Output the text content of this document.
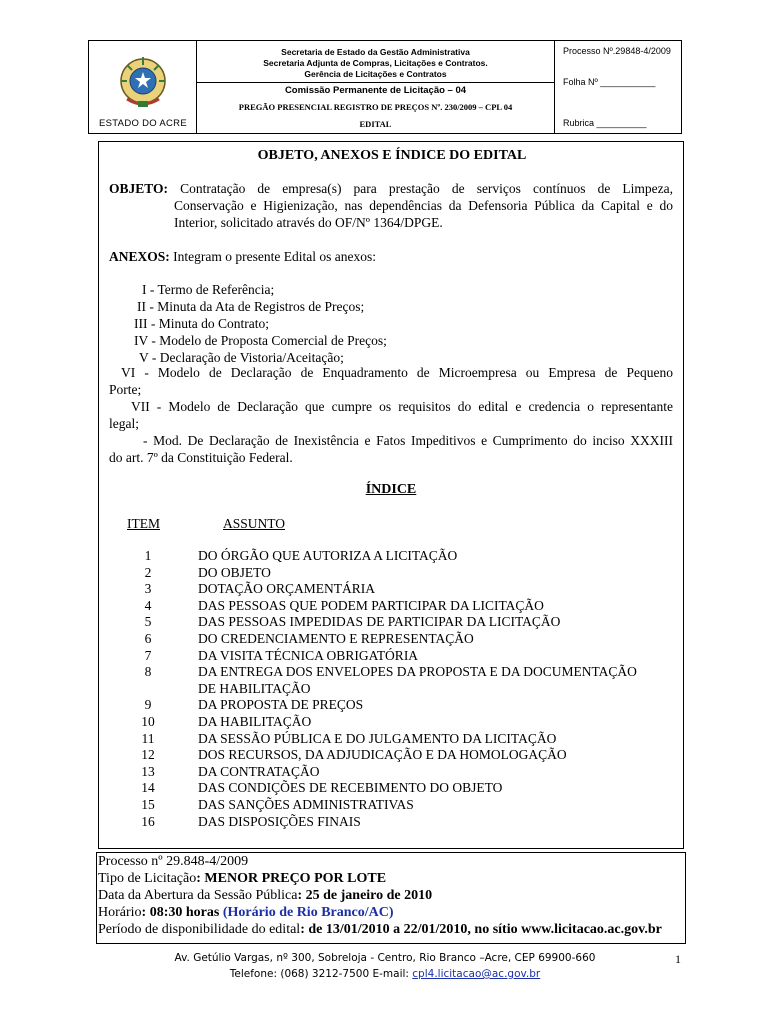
ESTADO DO ACRE
Secretaria de Estado da Gestão Administrativa
Secretaria Adjunta de Compras, Licitações e Contratos.
Gerência de Licitações e Contratos
Comissão Permanente de Licitação – 04
PREGÃO PRESENCIAL REGISTRO DE PREÇOS Nº. 230/2009 – CPL 04
EDITAL
Processo Nº.29848-4/2009
Folha Nº ___________
Rubrica __________
OBJETO, ANEXOS E ÍNDICE DO EDITAL
OBJETO: Contratação de empresa(s) para prestação de serviços contínuos de Limpeza,
Conservação e Higienização, nas dependências da Defensoria Pública da Capital e do
Interior, solicitado através do OF/Nº 1364/DPGE.
ANEXOS: Integram o presente Edital os anexos:
I - Termo de Referência;
II - Minuta da Ata de Registros de Preços;
III - Minuta do Contrato;
IV - Modelo de Proposta Comercial de Preços;
V - Declaração de Vistoria/Aceitação;
VI - Modelo de Declaração de Enquadramento de Microempresa ou Empresa de Pequeno
Porte;
VII - Modelo de Declaração que cumpre os requisitos do edital e credencia o representante
legal;
- Mod. De Declaração de Inexistência e Fatos Impeditivos e Cumprimento do inciso XXXIII
do art. 7º da Constituição Federal.
ÍNDICE
ITEM	ASSUNTO
1	DO ÓRGÃO QUE AUTORIZA A LICITAÇÃO
2	DO OBJETO
3	DOTAÇÃO ORÇAMENTÁRIA
4	DAS PESSOAS QUE PODEM PARTICIPAR DA LICITAÇÃO
5	DAS PESSOAS IMPEDIDAS DE PARTICIPAR DA LICITAÇÃO
6	DO CREDENCIAMENTO E REPRESENTAÇÃO
7	DA VISITA TÉCNICA OBRIGATÓRIA
8	DA ENTREGA DOS ENVELOPES DA PROPOSTA E DA DOCUMENTAÇÃO
DE HABILITAÇÃO
9	DA PROPOSTA DE PREÇOS
10	DA HABILITAÇÃO
11	DA SESSÃO PÚBLICA E DO JULGAMENTO DA LICITAÇÃO
12	DOS RECURSOS, DA ADJUDICAÇÃO E DA HOMOLOGAÇÃO
13	DA CONTRATAÇÃO
14	DAS CONDIÇÕES DE RECEBIMENTO DO OBJETO
15	DAS SANÇÕES ADMINISTRATIVAS
16	DAS DISPOSIÇÕES FINAIS
Processo nº 29.848-4/2009
Tipo de Licitação: MENOR PREÇO POR LOTE
Data da Abertura da Sessão Pública: 25 de janeiro de 2010
Horário: 08:30 horas (Horário de Rio Branco/AC)
Período de disponibilidade do edital: de 13/01/2010 a 22/01/2010, no sítio www.licitacao.ac.gov.br
Av. Getúlio Vargas, nº 300, Sobreloja - Centro, Rio Branco –Acre, CEP 69900-660
Telefone: (068) 3212-7500 E-mail: cpl4.licitacao@ac.gov.br
1
